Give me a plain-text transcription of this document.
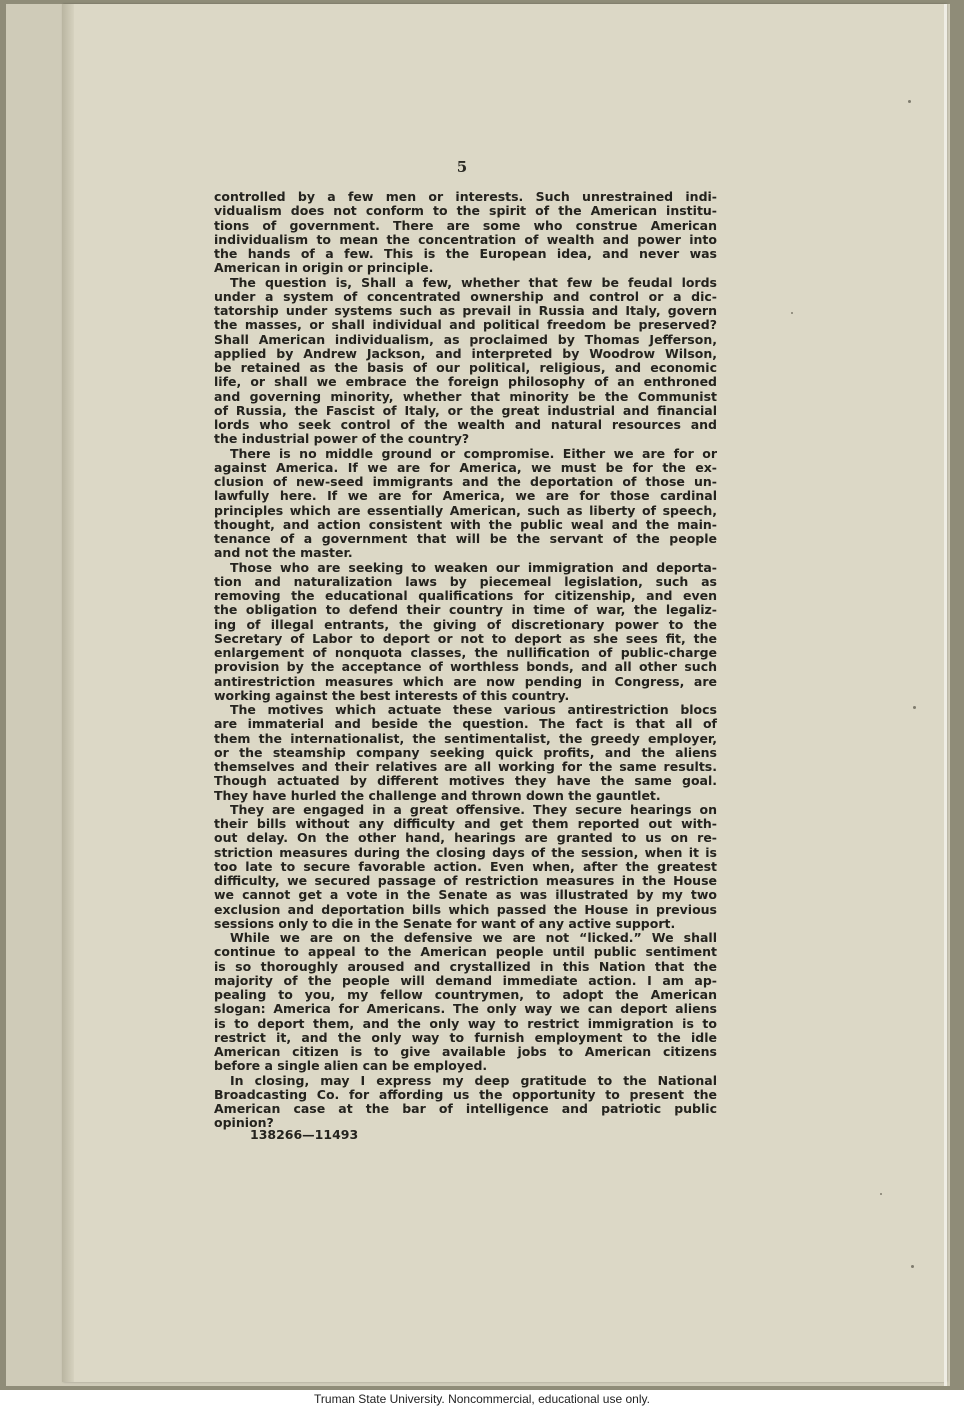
5
controlled by a few men or interests. Such unrestrained indi-
vidualism does not conform to the spirit of the American institu-
tions of government. There are some who construe American
individualism to mean the concentration of wealth and power into
the hands of a few. This is the European idea, and never was
American in origin or principle.
The question is, Shall a few, whether that few be feudal lords
under a system of concentrated ownership and control or a dic-
tatorship under systems such as prevail in Russia and Italy, govern
the masses, or shall individual and political freedom be preserved?
Shall American individualism, as proclaimed by Thomas Jefferson,
applied by Andrew Jackson, and interpreted by Woodrow Wilson,
be retained as the basis of our political, religious, and economic
life, or shall we embrace the foreign philosophy of an enthroned
and governing minority, whether that minority be the Communist
of Russia, the Fascist of Italy, or the great industrial and financial
lords who seek control of the wealth and natural resources and
the industrial power of the country?
There is no middle ground or compromise. Either we are for or
against America. If we are for America, we must be for the ex-
clusion of new-seed immigrants and the deportation of those un-
lawfully here. If we are for America, we are for those cardinal
principles which are essentially American, such as liberty of speech,
thought, and action consistent with the public weal and the main-
tenance of a government that will be the servant of the people
and not the master.
Those who are seeking to weaken our immigration and deporta-
tion and naturalization laws by piecemeal legislation, such as
removing the educational qualifications for citizenship, and even
the obligation to defend their country in time of war, the legaliz-
ing of illegal entrants, the giving of discretionary power to the
Secretary of Labor to deport or not to deport as she sees fit, the
enlargement of nonquota classes, the nullification of public-charge
provision by the acceptance of worthless bonds, and all other such
antirestriction measures which are now pending in Congress, are
working against the best interests of this country.
The motives which actuate these various antirestriction blocs
are immaterial and beside the question. The fact is that all of
them the internationalist, the sentimentalist, the greedy employer,
or the steamship company seeking quick profits, and the aliens
themselves and their relatives are all working for the same results.
Though actuated by different motives they have the same goal.
They have hurled the challenge and thrown down the gauntlet.
They are engaged in a great offensive. They secure hearings on
their bills without any difficulty and get them reported out with-
out delay. On the other hand, hearings are granted to us on re-
striction measures during the closing days of the session, when it is
too late to secure favorable action. Even when, after the greatest
difficulty, we secured passage of restriction measures in the House
we cannot get a vote in the Senate as was illustrated by my two
exclusion and deportation bills which passed the House in previous
sessions only to die in the Senate for want of any active support.
While we are on the defensive we are not “licked.” We shall
continue to appeal to the American people until public sentiment
is so thoroughly aroused and crystallized in this Nation that the
majority of the people will demand immediate action. I am ap-
pealing to you, my fellow countrymen, to adopt the American
slogan: America for Americans. The only way we can deport aliens
is to deport them, and the only way to restrict immigration is to
restrict it, and the only way to furnish employment to the idle
American citizen is to give available jobs to American citizens
before a single alien can be employed.
In closing, may I express my deep gratitude to the National
Broadcasting Co. for affording us the opportunity to present the
American case at the bar of intelligence and patriotic public
opinion?
138266—11493
Truman State University. Noncommercial, educational use only.
